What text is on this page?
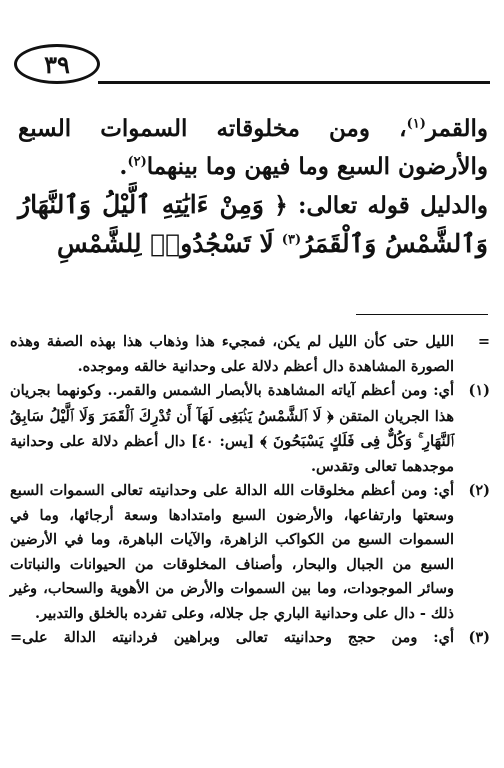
٣٩

والقمر$^{(١)}$، ومن مخلوقاته السموات السبع والأرضون السبع وما فيهن وما بينهما$^{(٢)}$.

والدليل قوله تعالى: ﴿ وَمِنْ ءَايَٰتِهِ ٱلَّيْلُ وَٱلنَّهَارُ وَٱلشَّمْسُ وَٱلْقَمَرُ$^{(٣)}$ لَا تَسْجُدُوا۟ لِلشَّمْسِ

=
الليل حتى كأن الليل لم يكن، فمجيء هذا وذهاب هذا بهذه الصفة وهذه الصورة المشاهدة دال أعظم دلالة على وحدانية خالقه وموجده.
(١)
أي: ومن أعظم آياته المشاهدة بالأبصار الشمس والقمر.. وكونهما بجريان هذا الجريان المتقن ﴿ لَا ٱلشَّمْسُ يَنۢبَغِى لَهَآ أَن تُدْرِكَ ٱلْقَمَرَ وَلَا ٱلَّيْلُ سَابِقُ ٱلنَّهَارِ ۚ وَكُلٌّ فِى فَلَكٍ يَسْبَحُونَ ﴾ [يس: ٤٠] دال أعظم دلالة على وحدانية موجدهما تعالى وتقدس.
(٢)
أي: ومن أعظم مخلوقات الله الدالة على وحدانيته تعالى السموات السبع وسعتها وارتفاعها، والأرضون السبع وامتدادها وسعة أرجائها، وما في السموات السبع من الكواكب الزاهرة، والآيات الباهرة، وما في الأرضين السبع من الجبال والبحار، وأصناف المخلوقات من الحيوانات والنباتات وسائر الموجودات، وما بين السموات والأرض من الأهوية والسحاب، وغير ذلك - دال على وحدانية الباري جل جلاله، وعلى تفرده بالخلق والتدبير.
(٣)
أي: ومن حجج وحدانيته تعالى وبراهين فردانيته الدالة على=
